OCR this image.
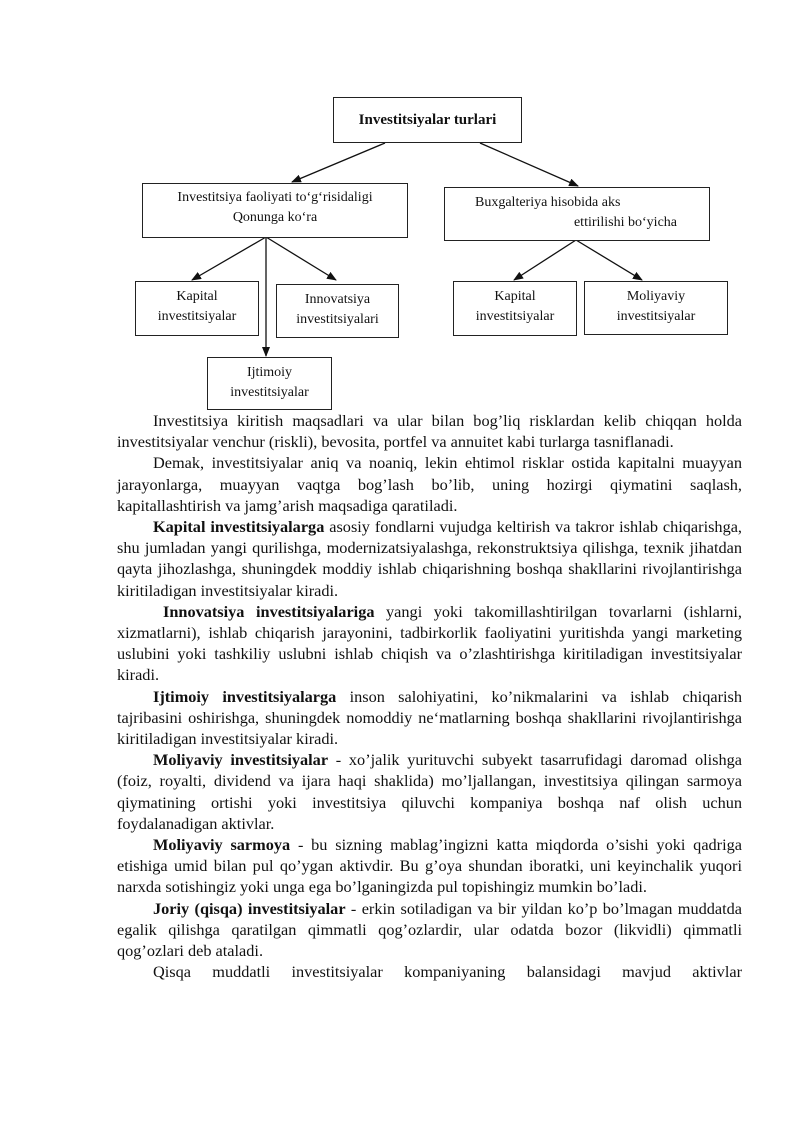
Investitsiyalar turlari
Investitsiya faoliyati to‘g‘risidaligi
Qonunga ko‘ra
Buxgalteriya hisobida aks
ettirilishi bo‘yicha
Kapital
investitsiyalar
Innovatsiya
investitsiyalari
Ijtimoiy
investitsiyalar
Kapital
investitsiyalar
Moliyaviy
investitsiyalar

Investitsiya kiritish maqsadlari va ular bilan bog’liq risklardan kelib chiqqan holda investitsiyalar venchur (riskli), bevosita, portfel va annuitet kabi turlarga tasniflanadi.

Demak, investitsiyalar aniq va noaniq, lekin ehtimol risklar ostida kapitalni muayyan jarayonlarga, muayyan vaqtga bog’lash bo’lib, uning hozirgi qiymatini saqlash, kapitallashtirish va jamg’arish maqsadiga qaratiladi.

Kapital investitsiyalarga asosiy fondlarni vujudga keltirish va takror ishlab chiqarishga, shu jumladan yangi qurilishga, modernizatsiyalashga, rekonstruktsiya qilishga, texnik jihatdan qayta jihozlashga, shuningdek moddiy ishlab chiqarishning boshqa shakllarini rivojlantirishga kiritiladigan investitsiyalar kiradi.

Innovatsiya investitsiyalariga yangi yoki takomillashtirilgan tovarlarni (ishlarni, xizmatlarni), ishlab chiqarish jarayonini, tadbirkorlik faoliyatini yuritishda yangi marketing uslubini yoki tashkiliy uslubni ishlab chiqish va o’zlashtirishga kiritiladigan investitsiyalar kiradi.

Ijtimoiy investitsiyalarga inson salohiyatini, ko’nikmalarini va ishlab chiqarish tajribasini oshirishga, shuningdek nomoddiy ne‘matlarning boshqa shakllarini rivojlantirishga kiritiladigan investitsiyalar kiradi.

Moliyaviy investitsiyalar - xo’jalik yurituvchi subyekt tasarrufidagi daromad olishga (foiz, royalti, dividend va ijara haqi shaklida) mo’ljallangan, investitsiya qilingan sarmoya qiymatining ortishi yoki investitsiya qiluvchi kompaniya boshqa naf olish uchun foydalanadigan aktivlar.

Moliyaviy sarmoya - bu sizning mablag’ingizni katta miqdorda o’sishi yoki qadriga etishiga umid bilan pul qo’ygan aktivdir. Bu g’oya shundan iboratki, uni keyinchalik yuqori narxda sotishingiz yoki unga ega bo’lganingizda pul topishingiz mumkin bo’ladi.

Joriy (qisqa) investitsiyalar - erkin sotiladigan va bir yildan ko’p bo’lmagan muddatda egalik qilishga qaratilgan qimmatli qog’ozlardir, ular odatda bozor (likvidli) qimmatli qog’ozlari deb ataladi.

Qisqa muddatli investitsiyalar kompaniyaning balansidagi mavjud aktivlar
